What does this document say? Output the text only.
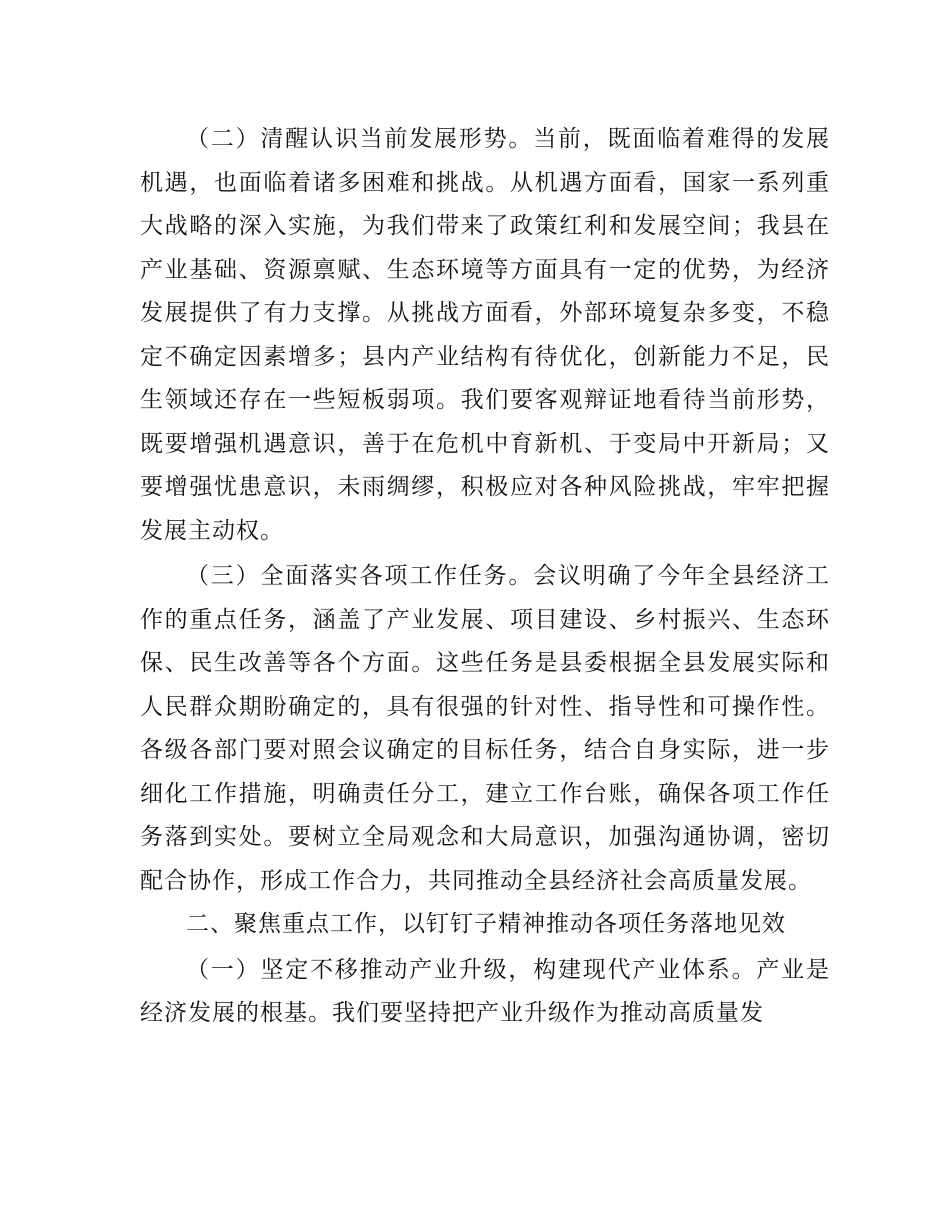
（二）清醒认识当前发展形势。当前，既面临着难得的发展机遇，也面临着诸多困难和挑战。从机遇方面看，国家一系列重大战略的深入实施，为我们带来了政策红利和发展空间；我县在产业基础、资源禀赋、生态环境等方面具有一定的优势，为经济发展提供了有力支撑。从挑战方面看，外部环境复杂多变，不稳定不确定因素增多；县内产业结构有待优化，创新能力不足，民生领域还存在一些短板弱项。我们要客观辩证地看待当前形势，既要增强机遇意识，善于在危机中育新机、于变局中开新局；又要增强忧患意识，未雨绸缪，积极应对各种风险挑战，牢牢把握发展主动权。

（三）全面落实各项工作任务。会议明确了今年全县经济工作的重点任务，涵盖了产业发展、项目建设、乡村振兴、生态环保、民生改善等各个方面。这些任务是县委根据全县发展实际和人民群众期盼确定的，具有很强的针对性、指导性和可操作性。各级各部门要对照会议确定的目标任务，结合自身实际，进一步细化工作措施，明确责任分工，建立工作台账，确保各项工作任务落到实处。要树立全局观念和大局意识，加强沟通协调，密切配合协作，形成工作合力，共同推动全县经济社会高质量发展。

二、聚焦重点工作，以钉钉子精神推动各项任务落地见效

（一）坚定不移推动产业升级，构建现代产业体系。产业是经济发展的根基。我们要坚持把产业升级作为推动高质量发
